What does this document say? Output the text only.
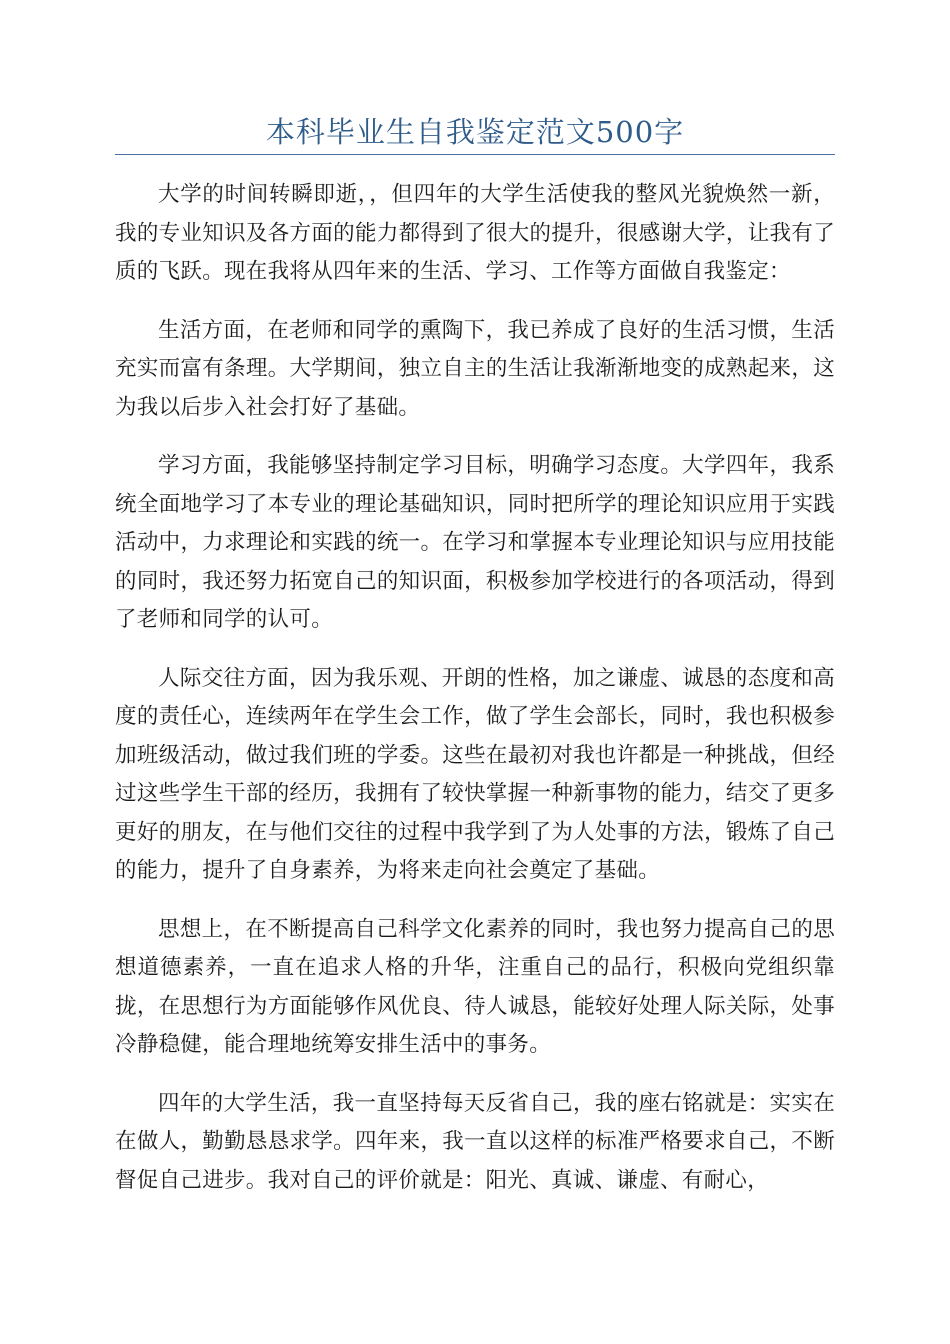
本科毕业生自我鉴定范文500字

大学的时间转瞬即逝，，但四年的大学生活使我的整风光貌焕然一新，我的专业知识及各方面的能力都得到了很大的提升，很感谢大学，让我有了质的飞跃。现在我将从四年来的生活、学习、工作等方面做自我鉴定：

生活方面，在老师和同学的熏陶下，我已养成了良好的生活习惯，生活充实而富有条理。大学期间，独立自主的生活让我渐渐地变的成熟起来，这为我以后步入社会打好了基础。

学习方面，我能够坚持制定学习目标，明确学习态度。大学四年，我系统全面地学习了本专业的理论基础知识，同时把所学的理论知识应用于实践活动中，力求理论和实践的统一。在学习和掌握本专业理论知识与应用技能的同时，我还努力拓宽自己的知识面，积极参加学校进行的各项活动，得到了老师和同学的认可。

人际交往方面，因为我乐观、开朗的性格，加之谦虚、诚恳的态度和高度的责任心，连续两年在学生会工作，做了学生会部长，同时，我也积极参加班级活动，做过我们班的学委。这些在最初对我也许都是一种挑战，但经过这些学生干部的经历，我拥有了较快掌握一种新事物的能力，结交了更多更好的朋友，在与他们交往的过程中我学到了为人处事的方法，锻炼了自己的能力，提升了自身素养，为将来走向社会奠定了基础。

思想上，在不断提高自己科学文化素养的同时，我也努力提高自己的思想道德素养，一直在追求人格的升华，注重自己的品行，积极向党组织靠拢，在思想行为方面能够作风优良、待人诚恳，能较好处理人际关际，处事冷静稳健，能合理地统筹安排生活中的事务。

四年的大学生活，我一直坚持每天反省自己，我的座右铭就是：实实在在做人，勤勤恳恳求学。四年来，我一直以这样的标准严格要求自己，不断督促自己进步。我对自己的评价就是：阳光、真诚、谦虚、有耐心，
